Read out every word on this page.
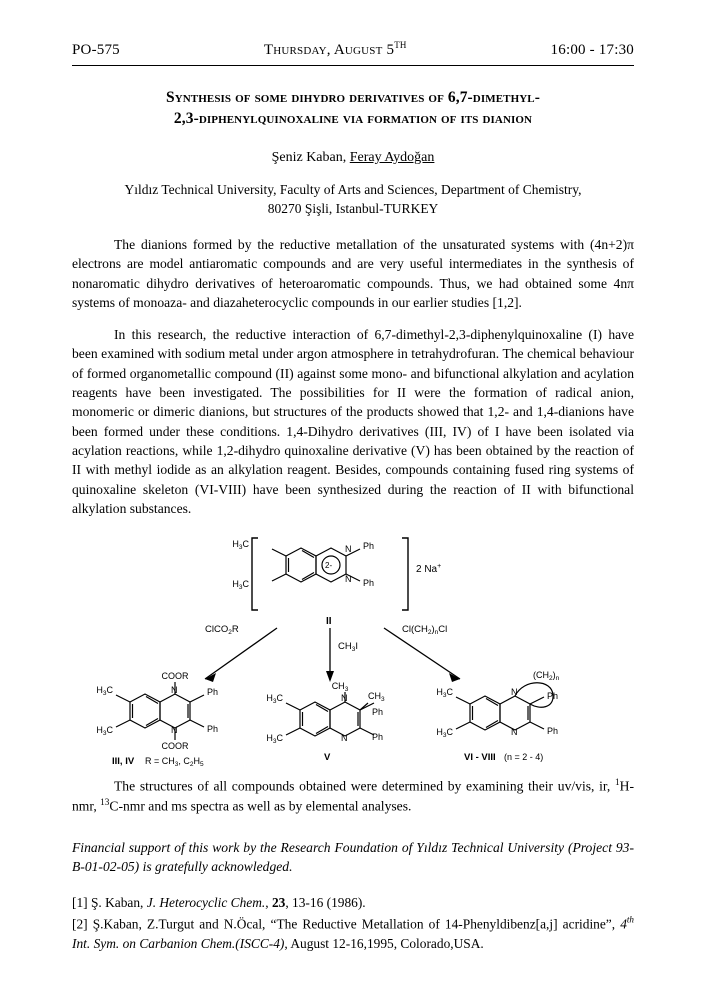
PO-575	Thursday, August 5TH	16:00 - 17:30
Synthesis of some dihydro derivatives of 6,7-dimethyl-
2,3-diphenylquinoxaline via formation of its dianion
Şeniz Kaban, Feray Aydoğan
Yıldız Technical University, Faculty of Arts and Sciences, Department of Chemistry,
80270 Şişli, Istanbul-TURKEY

The dianions formed by the reductive metallation of the unsaturated systems with (4n+2)π electrons are model antiaromatic compounds and are very useful intermediates in the synthesis of nonaromatic dihydro derivatives of heteroaromatic compounds. Thus, we had obtained some 4nπ systems of monoaza- and diazaheterocyclic compounds in our earlier studies [1,2].

In this research, the reductive interaction of 6,7-dimethyl-2,3-diphenylquinoxaline (I) have been examined with sodium metal under argon atmosphere in tetrahydrofuran. The chemical behaviour of formed organometallic compound (II) against some mono- and bifunctional alkylation and acylation reagents have been investigated. The possibilities for II were the formation of radical anion, monomeric or dimeric dianions, but structures of the products showed that 1,2- and 1,4-dianions have been formed under these conditions. 1,4-Dihydro derivatives (III, IV) of I have been isolated via acylation reactions, while 1,2-dihydro quinoxaline derivative (V) has been obtained by the reaction of II with methyl iodide as an alkylation reagent. Besides, compounds containing fused ring systems of quinoxaline skeleton (VI-VIII) have been synthesized during the reaction of II with bifunctional alkylation substances.

$H_3C$
$H_3C$
N
N
Ph
Ph
2-	2 Na+
II
ClCO$_2$R
$CH_3I$
$Cl(CH_2)_nCl$
$H_3C$
$H_3C$
N
N
Ph
Ph
COOR
COOR
III, IV $R = CH_3$, $C_2H_5$
$H_3C$
$H_3C$
N
N
$CH_3$
$CH_3$
Ph
Ph
V
$H_3C$
$H_3C$
N
N
Ph
Ph
$(CH_2)_n$
VI - VIII (n = 2 - 4)

The structures of all compounds obtained were determined by examining their uv/vis, ir, $^1$H-nmr, $^{13}$C-nmr and ms spectra as well as by elemental analyses.

Financial support of this work by the Research Foundation of Yıldız Technical University (Project 93-B-01-02-05) is gratefully acknowledged.
[1] Ş. Kaban, J. Heterocyclic Chem., 23, 13-16 (1986).
[2] Ş.Kaban, Z.Turgut and N.Öcal, “The Reductive Metallation of 14-Phenyldibenz[a,j] acridine”, 4th Int. Sym. on Carbanion Chem.(ISCC-4), August 12-16,1995, Colorado,USA.
